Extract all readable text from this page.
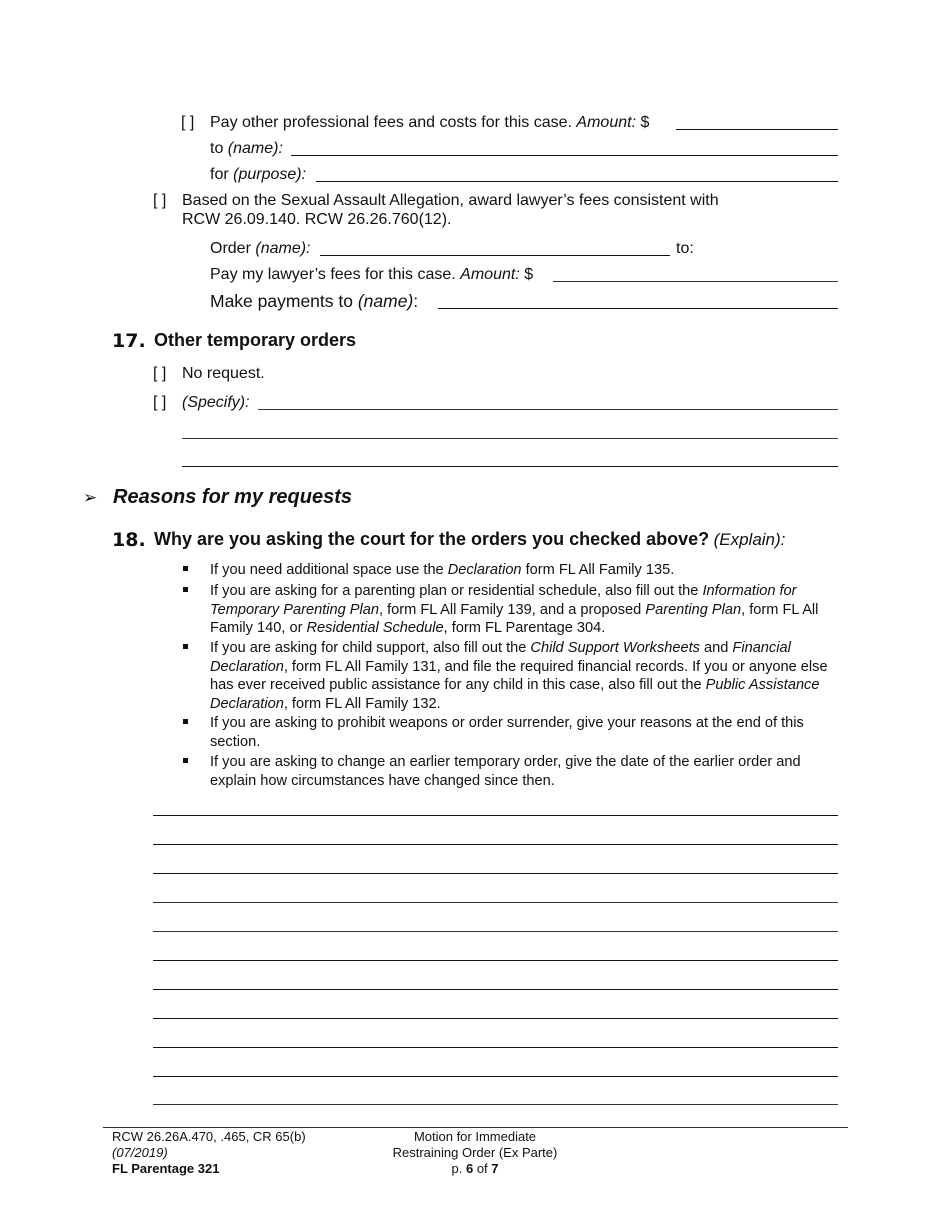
[ ] Pay other professional fees and costs for this case. Amount: $
to (name):
for (purpose):
[ ] Based on the Sexual Assault Allegation, award lawyer’s fees consistent with
RCW 26.09.140. RCW 26.26.760(12).
Order (name):	to:
Pay my lawyer’s fees for this case. Amount: $
Make payments to (name):
17. Other temporary orders
[ ] No request.
[ ] (Specify):
➢ Reasons for my requests
18. Why are you asking the court for the orders you checked above? (Explain):
If you need additional space use the Declaration form FL All Family 135.
If you are asking for a parenting plan or residential schedule, also fill out the Information for Temporary Parenting Plan, form FL All Family 139, and a proposed Parenting Plan, form FL All Family 140, or Residential Schedule, form FL Parentage 304.
If you are asking for child support, also fill out the Child Support Worksheets and Financial Declaration, form FL All Family 131, and file the required financial records. If you or anyone else has ever received public assistance for any child in this case, also fill out the Public Assistance Declaration, form FL All Family 132.
If you are asking to prohibit weapons or order surrender, give your reasons at the end of this section.
If you are asking to change an earlier temporary order, give the date of the earlier order and explain how circumstances have changed since then.
RCW 26.26A.470, .465, CR 65(b)
(07/2019)
FL Parentage 321
Motion for Immediate
Restraining Order (Ex Parte)
p. 6 of 7
